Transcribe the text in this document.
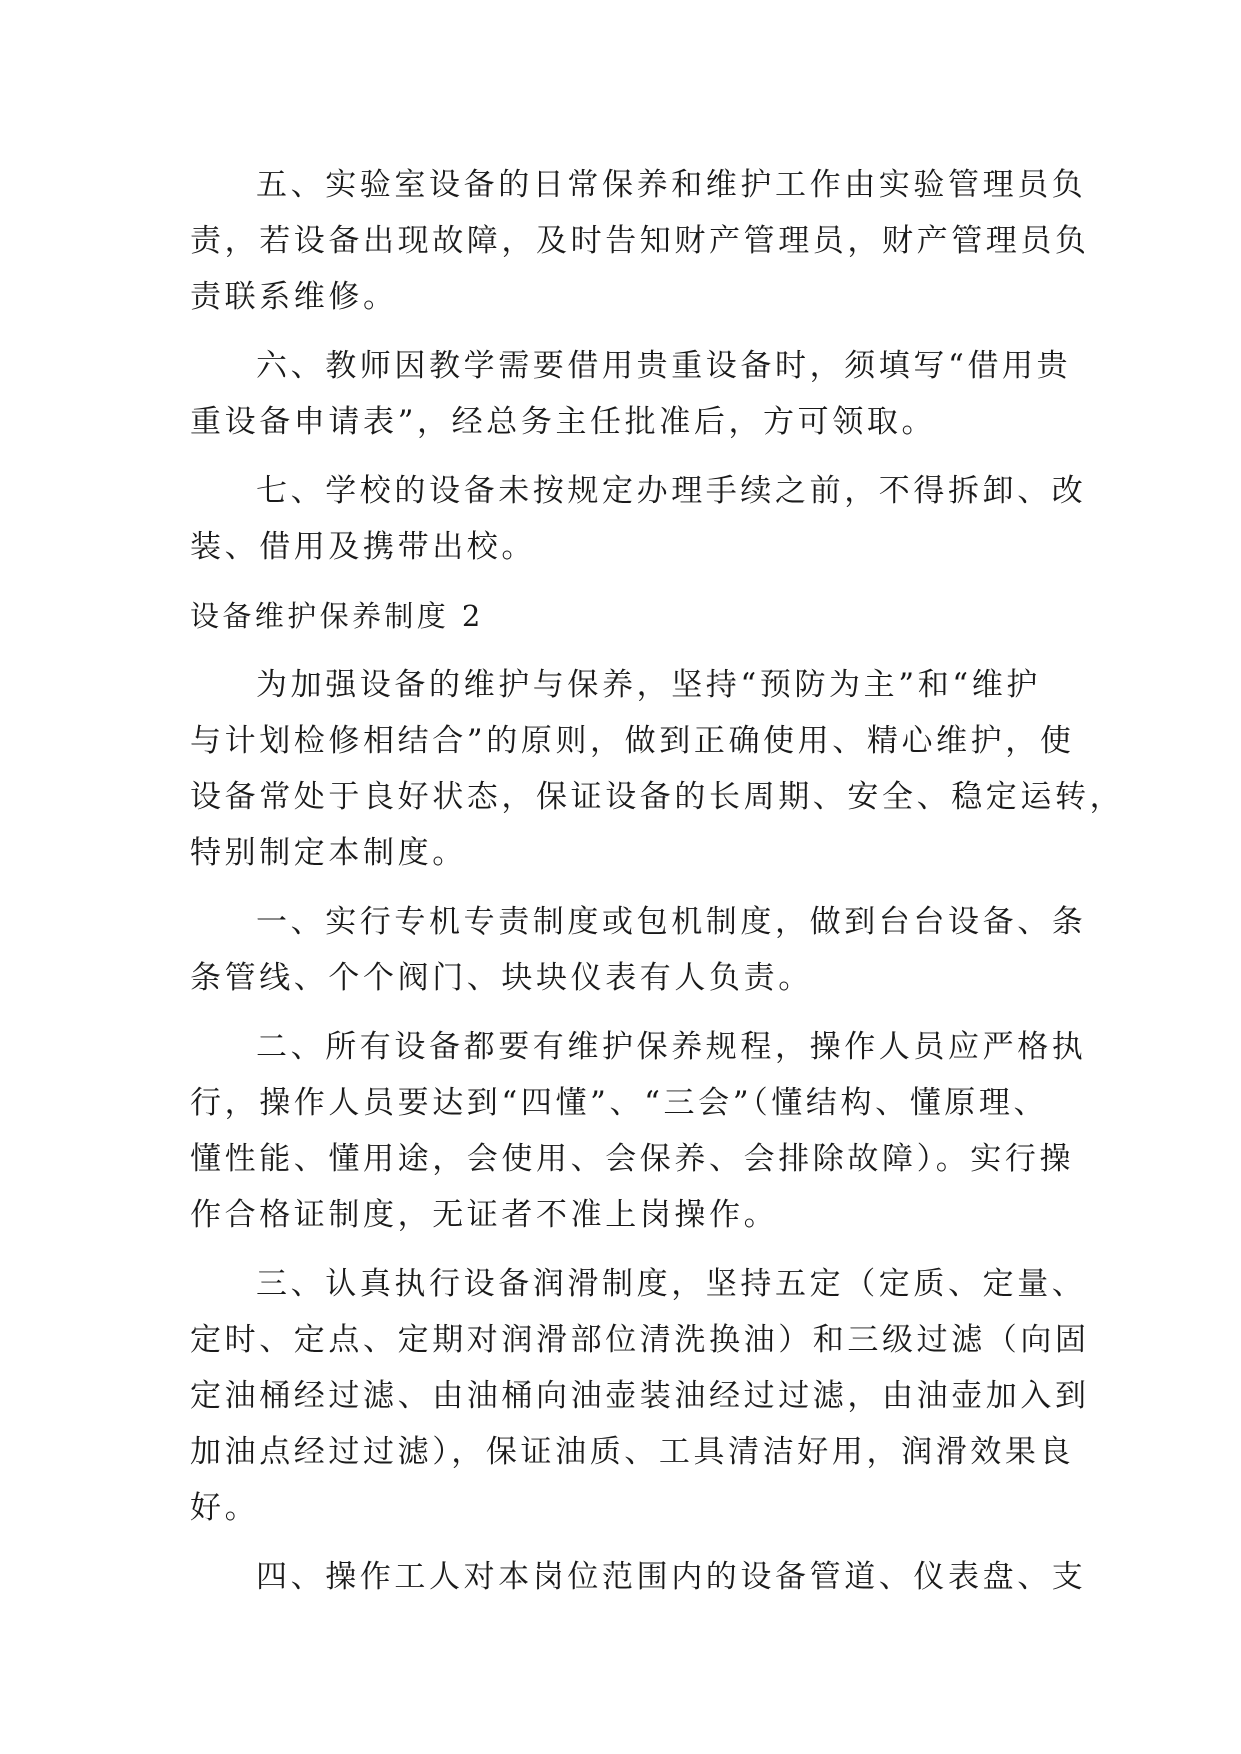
五、实验室设备的日常保养和维护工作由实验管理员负
责，若设备出现故障，及时告知财产管理员，财产管理员负
责联系维修。
六、教师因教学需要借用贵重设备时，须填写“借用贵
重设备申请表”，经总务主任批准后，方可领取。
七、学校的设备未按规定办理手续之前，不得拆卸、改
装、借用及携带出校。
设备维护保养制度 2
为加强设备的维护与保养，坚持“预防为主”和“维护
与计划检修相结合”的原则，做到正确使用、精心维护，使
设备常处于良好状态，保证设备的长周期、安全、稳定运转，
特别制定本制度。
一、实行专机专责制度或包机制度，做到台台设备、条
条管线、个个阀门、块块仪表有人负责。
二、所有设备都要有维护保养规程，操作人员应严格执
行，操作人员要达到“四懂”、“三会”（懂结构、懂原理、
懂性能、懂用途，会使用、会保养、会排除故障）。实行操
作合格证制度，无证者不准上岗操作。
三、认真执行设备润滑制度，坚持五定（定质、定量、
定时、定点、定期对润滑部位清洗换油）和三级过滤（向固
定油桶经过滤、由油桶向油壶装油经过过滤，由油壶加入到
加油点经过过滤），保证油质、工具清洁好用，润滑效果良
好。
四、操作工人对本岗位范围内的设备管道、仪表盘、支
